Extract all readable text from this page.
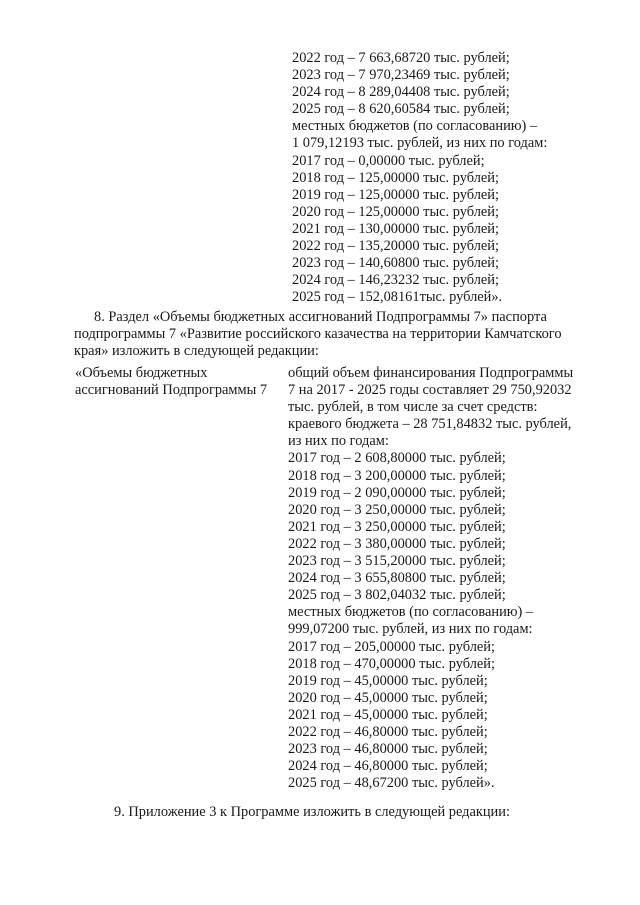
2022 год – 7 663,68720 тыс. рублей;
2023 год – 7 970,23469 тыс. рублей;
2024 год – 8 289,04408 тыс. рублей;
2025 год – 8 620,60584 тыс. рублей;
местных бюджетов (по согласованию) –
1 079,12193 тыс. рублей, из них по годам:
2017 год – 0,00000 тыс. рублей;
2018 год – 125,00000 тыс. рублей;
2019 год – 125,00000 тыс. рублей;
2020 год – 125,00000 тыс. рублей;
2021 год – 130,00000 тыс. рублей;
2022 год – 135,20000 тыс. рублей;
2023 год – 140,60800 тыс. рублей;
2024 год – 146,23232 тыс. рублей;
2025 год – 152,08161тыс. рублей».
8. Раздел «Объемы бюджетных ассигнований Подпрограммы 7» паспорта
подпрограммы 7 «Развитие российского казачества на территории Камчатского
края» изложить в следующей редакции:
«Объемы бюджетных
ассигнований Подпрограммы 7
общий объем финансирования Подпрограммы
7 на 2017 - 2025 годы составляет 29 750,92032
тыс. рублей, в том числе за счет средств:
краевого бюджета – 28 751,84832 тыс. рублей,
из них по годам:
2017 год – 2 608,80000 тыс. рублей;
2018 год – 3 200,00000 тыс. рублей;
2019 год – 2 090,00000 тыс. рублей;
2020 год – 3 250,00000 тыс. рублей;
2021 год – 3 250,00000 тыс. рублей;
2022 год – 3 380,00000 тыс. рублей;
2023 год – 3 515,20000 тыс. рублей;
2024 год – 3 655,80800 тыс. рублей;
2025 год – 3 802,04032 тыс. рублей;
местных бюджетов (по согласованию) –
999,07200 тыс. рублей, из них по годам:
2017 год – 205,00000 тыс. рублей;
2018 год – 470,00000 тыс. рублей;
2019 год – 45,00000 тыс. рублей;
2020 год – 45,00000 тыс. рублей;
2021 год – 45,00000 тыс. рублей;
2022 год – 46,80000 тыс. рублей;
2023 год – 46,80000 тыс. рублей;
2024 год – 46,80000 тыс. рублей;
2025 год – 48,67200 тыс. рублей».
9. Приложение 3 к Программе изложить в следующей редакции:
